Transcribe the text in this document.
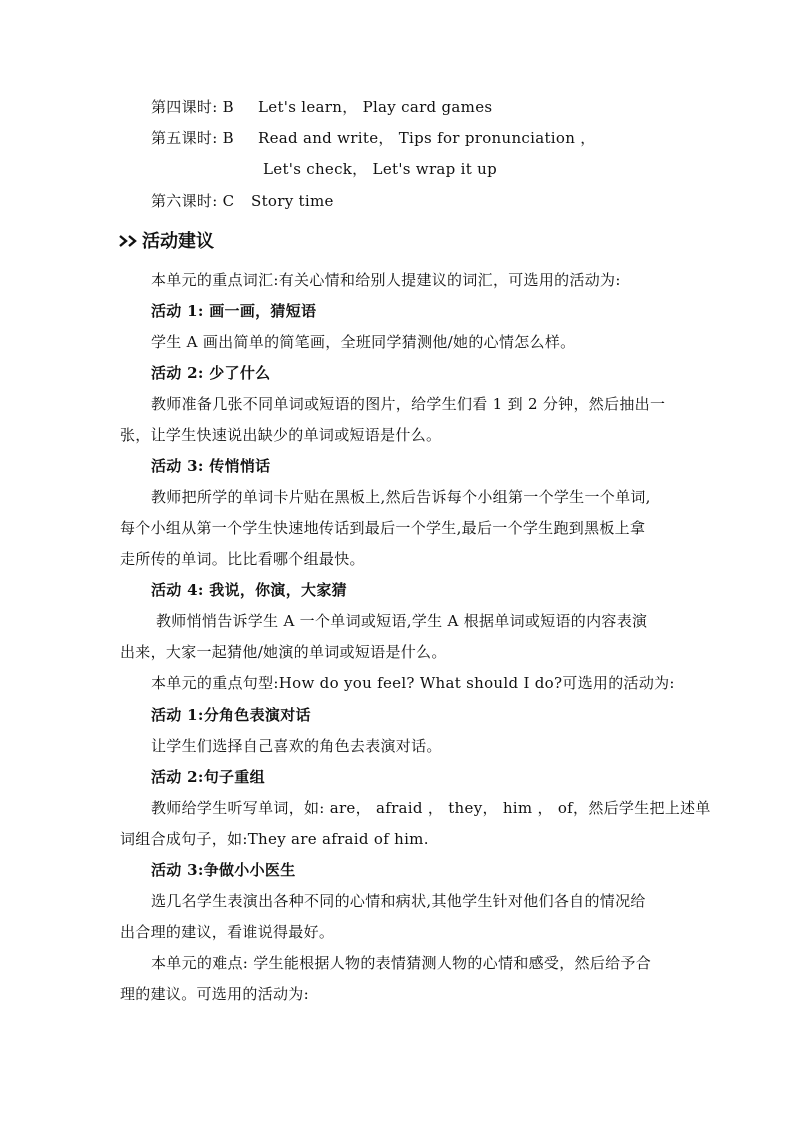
第四课时: B Let's learn， Play card games
第五课时: B Read and write， Tips for pronunciation ，
Let's check， Let's wrap it up
第六课时: C Story time
活动建议
本单元的重点词汇:有关心情和给别人提建议的词汇，可选用的活动为:
活动 1: 画一画，猜短语
学生 A 画出简单的简笔画，全班同学猜测他/她的心情怎么样。
活动 2: 少了什么
教师准备几张不同单词或短语的图片，给学生们看 1 到 2 分钟，然后抽出一
张，让学生快速说出缺少的单词或短语是什么。
活动 3: 传悄悄话
教师把所学的单词卡片贴在黑板上,然后告诉每个小组第一个学生一个单词,
每个小组从第一个学生快速地传话到最后一个学生,最后一个学生跑到黑板上拿
走所传的单词。比比看哪个组最快。
活动 4: 我说，你演，大家猜
教师悄悄告诉学生 A 一个单词或短语,学生 A 根据单词或短语的内容表演
出来，大家一起猜他/她演的单词或短语是什么。
本单元的重点句型:How do you feel? What should I do?可选用的活动为:
活动 1:分角色表演对话
让学生们选择自己喜欢的角色去表演对话。
活动 2:句子重组
教师给学生听写单词，如: are， afraid ， they， him ， of，然后学生把上述单
词组合成句子，如:They are afraid of him.
活动 3:争做小小医生
选几名学生表演出各种不同的心情和病状,其他学生针对他们各自的情况给
出合理的建议，看谁说得最好。
本单元的难点: 学生能根据人物的表情猜测人物的心情和感受，然后给予合
理的建议。可选用的活动为:
